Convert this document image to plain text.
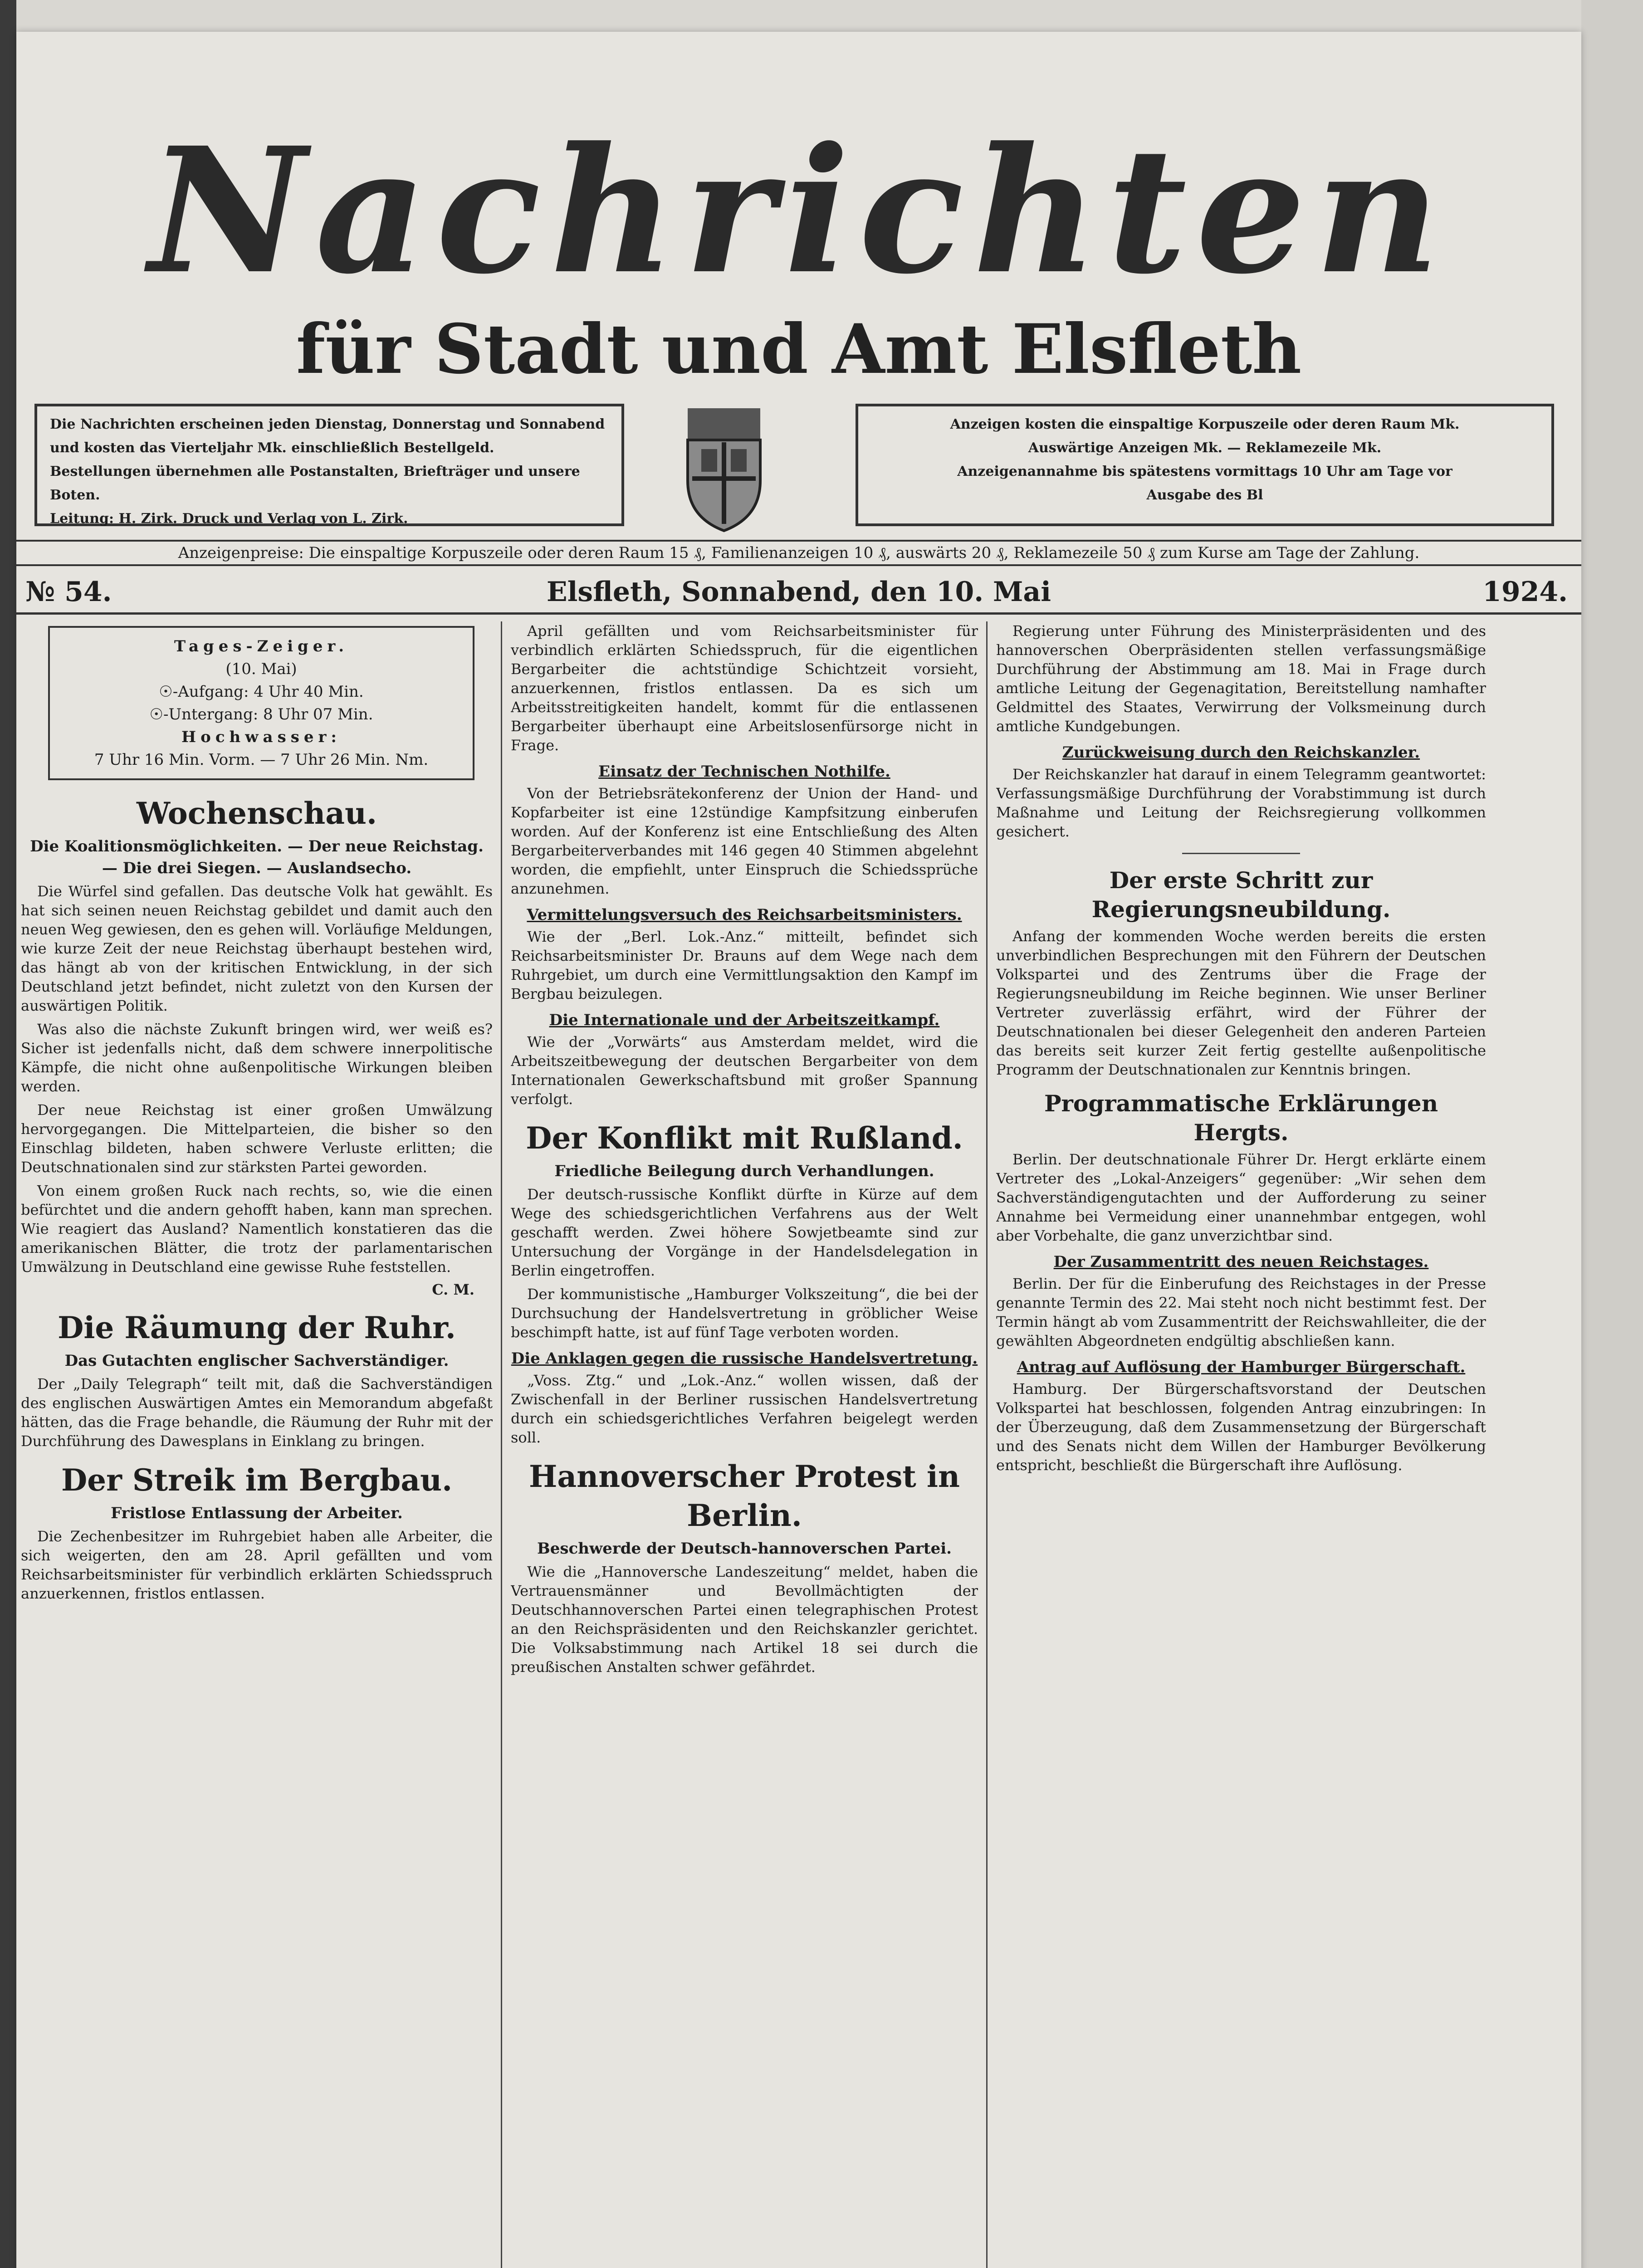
Nachrichten
für Stadt und Amt Elsfleth
Die Nachrichten erscheinen jeden Dienstag, Donnerstag und Sonnabend
und kosten das Vierteljahr Mk. einschließlich Bestellgeld.
Bestellungen übernehmen alle Postanstalten, Briefträger und unsere Boten.
Leitung: H. Zirk. Druck und Verlag von L. Zirk.
Anzeigen kosten die einspaltige Korpuszeile oder deren Raum Mk.
Auswärtige Anzeigen Mk. — Reklamezeile Mk.
Anzeigenannahme bis spätestens vormittags 10 Uhr am Tage vor
Ausgabe des Bl
Anzeigenpreise: Die einspaltige Korpuszeile oder deren Raum 15 ₰, Familienanzeigen 10 ₰, auswärts 20 ₰, Reklamezeile 50 ₰ zum Kurse am Tage der Zahlung.
№ 54.	Elsfleth, Sonnabend, den 10. Mai	1924.
Tages-Zeiger.
(10. Mai)
☉-Aufgang: 4 Uhr 40 Min.
☉-Untergang: 8 Uhr 07 Min.
Hochwasser:
7 Uhr 16 Min. Vorm. — 7 Uhr 26 Min. Nm.
Wochenschau.
Die Koalitionsmöglichkeiten. — Der neue Reichstag. — Die drei Siegen. — Auslandsecho.

Die Würfel sind gefallen. Das deutsche Volk hat gewählt. Es hat sich seinen neuen Reichstag gebildet und damit auch den neuen Weg gewiesen, den es gehen will. Vorläufige Meldungen, wie kurze Zeit der neue Reichstag überhaupt bestehen wird, das hängt ab von der kritischen Entwicklung, in der sich Deutschland jetzt befindet, nicht zuletzt von den Kursen der auswärtigen Politik.

Was also die nächste Zukunft bringen wird, wer weiß es? Sicher ist jedenfalls nicht, daß dem schwere innerpolitische Kämpfe, die nicht ohne außenpolitische Wirkungen bleiben werden.

Der neue Reichstag ist einer großen Umwälzung hervorgegangen. Die Mittelparteien, die bisher so den Einschlag bildeten, haben schwere Verluste erlitten; die Deutschnationalen sind zur stärksten Partei geworden.

Von einem großen Ruck nach rechts, so, wie die einen befürchtet und die andern gehofft haben, kann man sprechen. Wie reagiert das Ausland? Namentlich konstatieren das die amerikanischen Blätter, die trotz der parlamentarischen Umwälzung in Deutschland eine gewisse Ruhe feststellen.

C. M.
Die Räumung der Ruhr.
Das Gutachten englischer Sachverständiger.

Der „Daily Telegraph“ teilt mit, daß die Sachverständigen des englischen Auswärtigen Amtes ein Memorandum abgefaßt hätten, das die Frage behandle, die Räumung der Ruhr mit der Durchführung des Dawesplans in Einklang zu bringen.

Der Streik im Bergbau.
Fristlose Entlassung der Arbeiter.

Die Zechenbesitzer im Ruhrgebiet haben alle Arbeiter, die sich weigerten, den am 28. April gefällten und vom Reichsarbeitsminister für verbindlich erklärten Schiedsspruch anzuerkennen, fristlos entlassen.

April gefällten und vom Reichsarbeitsminister für verbindlich erklärten Schiedsspruch, für die eigentlichen Bergarbeiter die achtstündige Schichtzeit vorsieht, anzuerkennen, fristlos entlassen. Da es sich um Arbeitsstreitigkeiten handelt, kommt für die entlassenen Bergarbeiter überhaupt eine Arbeitslosenfürsorge nicht in Frage.

Einsatz der Technischen Nothilfe.

Von der Betriebsrätekonferenz der Union der Hand- und Kopfarbeiter ist eine 12stündige Kampfsitzung einberufen worden. Auf der Konferenz ist eine Entschließung des Alten Bergarbeiterverbandes mit 146 gegen 40 Stimmen abgelehnt worden, die empfiehlt, unter Einspruch die Schiedssprüche anzunehmen.

Vermittelungsversuch des Reichsarbeitsministers.

Wie der „Berl. Lok.-Anz.“ mitteilt, befindet sich Reichsarbeitsminister Dr. Brauns auf dem Wege nach dem Ruhrgebiet, um durch eine Vermittlungsaktion den Kampf im Bergbau beizulegen.

Die Internationale und der Arbeitszeitkampf.

Wie der „Vorwärts“ aus Amsterdam meldet, wird die Arbeitszeitbewegung der deutschen Bergarbeiter von dem Internationalen Gewerkschaftsbund mit großer Spannung verfolgt.

Der Konflikt mit Rußland.
Friedliche Beilegung durch Verhandlungen.

Der deutsch-russische Konflikt dürfte in Kürze auf dem Wege des schiedsgerichtlichen Verfahrens aus der Welt geschafft werden. Zwei höhere Sowjetbeamte sind zur Untersuchung der Vorgänge in der Handelsdelegation in Berlin eingetroffen.

Der kommunistische „Hamburger Volkszeitung“, die bei der Durchsuchung der Handelsvertretung in gröblicher Weise beschimpft hatte, ist auf fünf Tage verboten worden.

Die Anklagen gegen die russische Handelsvertretung.

„Voss. Ztg.“ und „Lok.-Anz.“ wollen wissen, daß der Zwischenfall in der Berliner russischen Handelsvertretung durch ein schiedsgerichtliches Verfahren beigelegt werden soll.

Hannoverscher Protest in Berlin.
Beschwerde der Deutsch-hannoverschen Partei.

Wie die „Hannoversche Landeszeitung“ meldet, haben die Vertrauensmänner und Bevollmächtigten der Deutschhannoverschen Partei einen telegraphischen Protest an den Reichspräsidenten und den Reichskanzler gerichtet. Die Volksabstimmung nach Artikel 18 sei durch die preußischen Anstalten schwer gefährdet.

Regierung unter Führung des Ministerpräsidenten und des hannoverschen Oberpräsidenten stellen verfassungsmäßige Durchführung der Abstimmung am 18. Mai in Frage durch amtliche Leitung der Gegenagitation, Bereitstellung namhafter Geldmittel des Staates, Verwirrung der Volksmeinung durch amtliche Kundgebungen.

Zurückweisung durch den Reichskanzler.

Der Reichskanzler hat darauf in einem Telegramm geantwortet: Verfassungsmäßige Durchführung der Vorabstimmung ist durch Maßnahme und Leitung der Reichsregierung vollkommen gesichert.

Der erste Schritt zur Regierungsneubildung.

Anfang der kommenden Woche werden bereits die ersten unverbindlichen Besprechungen mit den Führern der Deutschen Volkspartei und des Zentrums über die Frage der Regierungsneubildung im Reiche beginnen. Wie unser Berliner Vertreter zuverlässig erfährt, wird der Führer der Deutschnationalen bei dieser Gelegenheit den anderen Parteien das bereits seit kurzer Zeit fertig gestellte außenpolitische Programm der Deutschnationalen zur Kenntnis bringen.

Programmatische Erklärungen Hergts.

Berlin. Der deutschnationale Führer Dr. Hergt erklärte einem Vertreter des „Lokal-Anzeigers“ gegenüber: „Wir sehen dem Sachverständigengutachten und der Aufforderung zu seiner Annahme bei Vermeidung einer unannehmbar entgegen, wohl aber Vorbehalte, die ganz unverzichtbar sind.

Der Zusammentritt des neuen Reichstages.

Berlin. Der für die Einberufung des Reichstages in der Presse genannte Termin des 22. Mai steht noch nicht bestimmt fest. Der Termin hängt ab vom Zusammentritt der Reichswahlleiter, die der gewählten Abgeordneten endgültig abschließen kann.

Antrag auf Auflösung der Hamburger Bürgerschaft.

Hamburg. Der Bürgerschaftsvorstand der Deutschen Volkspartei hat beschlossen, folgenden Antrag einzubringen: In der Überzeugung, daß dem Zusammensetzung der Bürgerschaft und des Senats nicht dem Willen der Hamburger Bevölkerung entspricht, beschließt die Bürgerschaft ihre Auflösung.
